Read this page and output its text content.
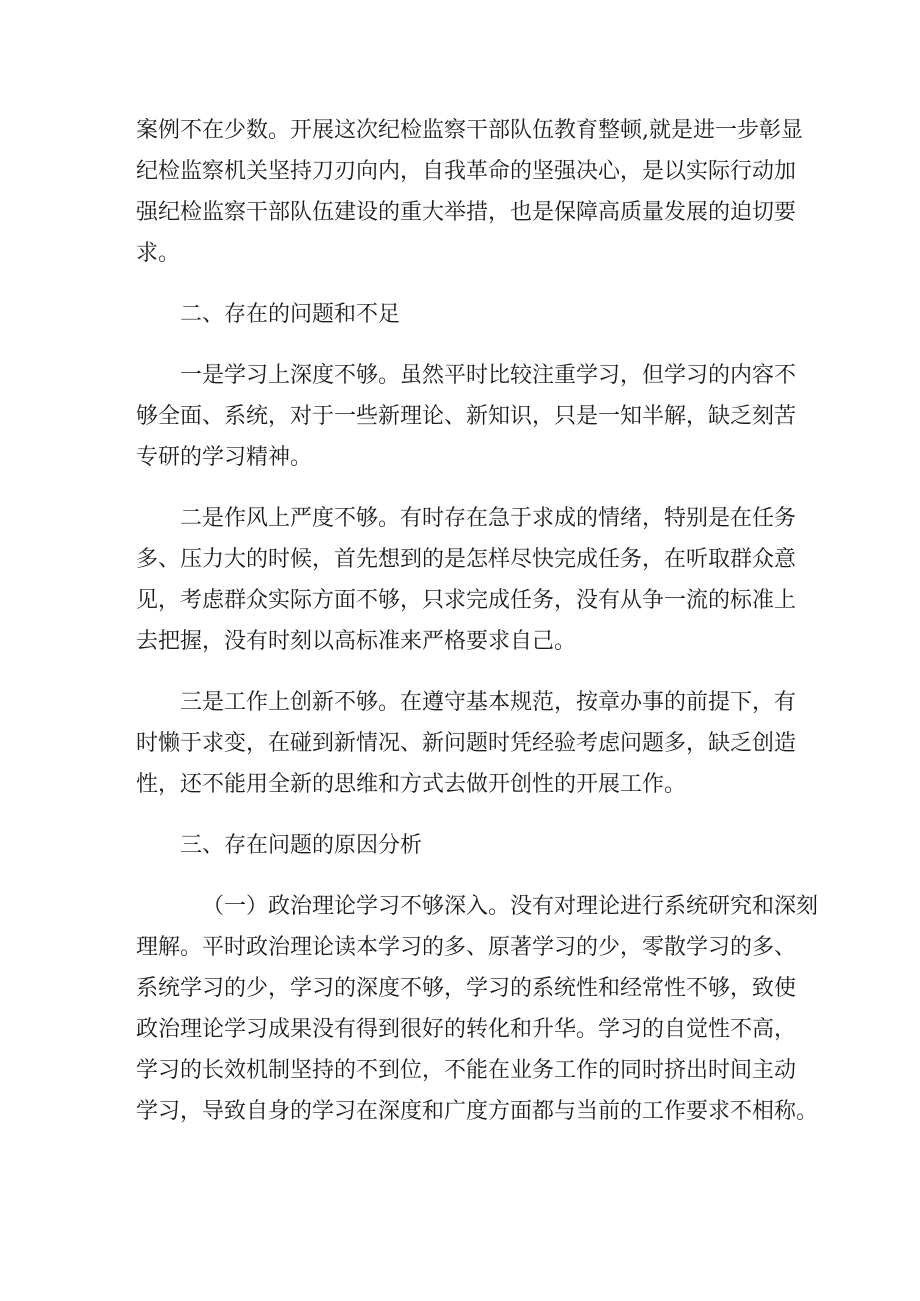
案例不在少数。开展这次纪检监察干部队伍教育整顿,就是进一步彰显
纪检监察机关坚持刀刃向内，自我革命的坚强决心，是以实际行动加
强纪检监察干部队伍建设的重大举措，也是保障高质量发展的迫切要
求。
二、存在的问题和不足
一是学习上深度不够。虽然平时比较注重学习，但学习的内容不
够全面、系统，对于一些新理论、新知识，只是一知半解，缺乏刻苦
专研的学习精神。
二是作风上严度不够。有时存在急于求成的情绪，特别是在任务
多、压力大的时候，首先想到的是怎样尽快完成任务，在听取群众意
见，考虑群众实际方面不够，只求完成任务，没有从争一流的标准上
去把握，没有时刻以高标准来严格要求自己。
三是工作上创新不够。在遵守基本规范，按章办事的前提下，有
时懒于求变，在碰到新情况、新问题时凭经验考虑问题多，缺乏创造
性，还不能用全新的思维和方式去做开创性的开展工作。
三、存在问题的原因分析
（一）政治理论学习不够深入。没有对理论进行系统研究和深刻
理解。平时政治理论读本学习的多、原著学习的少，零散学习的多、
系统学习的少，学习的深度不够，学习的系统性和经常性不够，致使
政治理论学习成果没有得到很好的转化和升华。学习的自觉性不高，
学习的长效机制坚持的不到位，不能在业务工作的同时挤出时间主动
学习，导致自身的学习在深度和广度方面都与当前的工作要求不相称。
